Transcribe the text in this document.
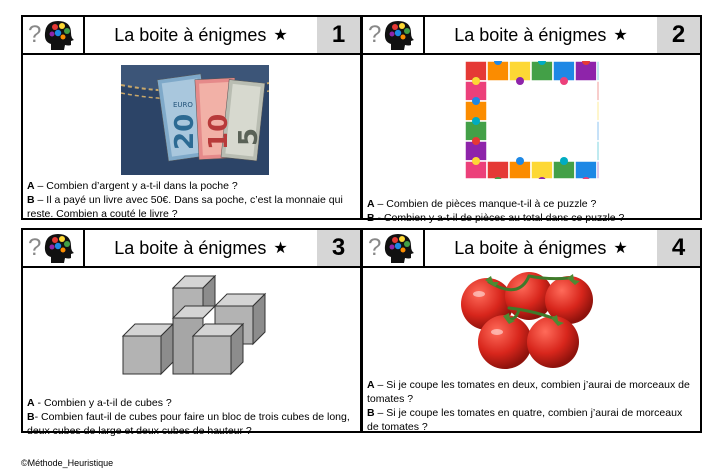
La boite à énigmes ★	1
EURO
20 10 5
A – Combien d’argent y a-t-il dans la poche ?
B – Il a payé un livre avec 50€. Dans sa poche, c’est la monnaie qui reste. Combien a couté le livre ?
La boite à énigmes ★	2
A – Combien de pièces manque-t-il à ce puzzle ?
B - Combien y a-t-il de pièces au total dans ce puzzle ?
La boite à énigmes ★	3
A - Combien y a-t-il de cubes ?
B- Combien faut-il de cubes pour faire un bloc de trois cubes de long, deux cubes de large et deux cubes de hauteur ?
La boite à énigmes ★	4
A – Si je coupe les tomates en deux, combien j’aurai de morceaux de tomates ?
B – Si je coupe les tomates en quatre, combien j’aurai de morceaux de tomates ?
©Méthode_Heuristique
